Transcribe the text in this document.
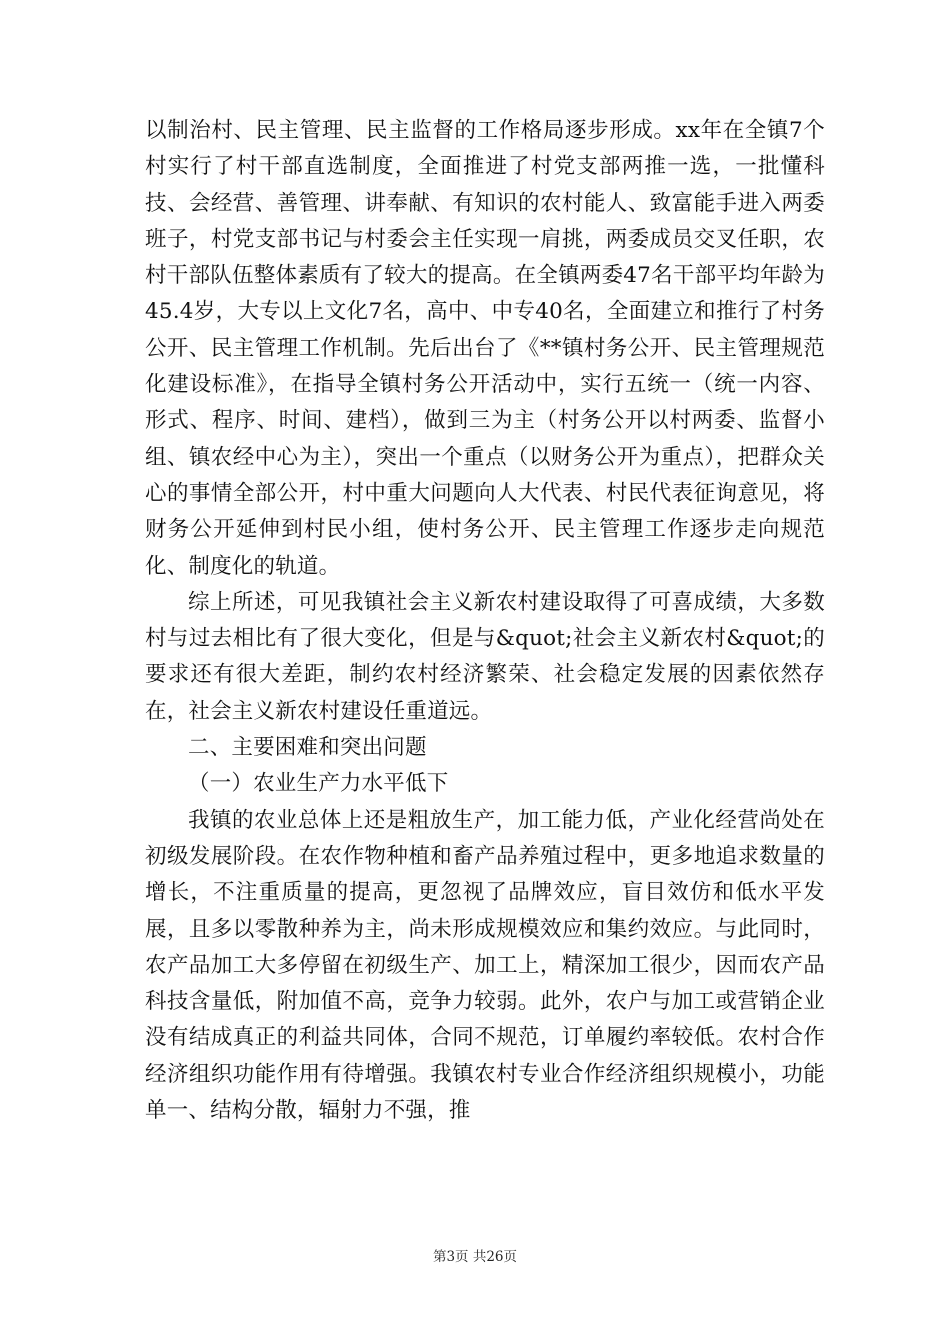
以制治村、民主管理、民主监督的工作格局逐步形成。xx年在全镇7个村实行了村干部直选制度，全面推进了村党支部两推一选，一批懂科技、会经营、善管理、讲奉献、有知识的农村能人、致富能手进入两委班子，村党支部书记与村委会主任实现一肩挑，两委成员交叉任职，农村干部队伍整体素质有了较大的提高。在全镇两委47名干部平均年龄为45.4岁，大专以上文化7名，高中、中专40名，全面建立和推行了村务公开、民主管理工作机制。先后出台了《**镇村务公开、民主管理规范化建设标准》，在指导全镇村务公开活动中，实行五统一（统一内容、形式、程序、时间、建档），做到三为主（村务公开以村两委、监督小组、镇农经中心为主），突出一个重点（以财务公开为重点），把群众关心的事情全部公开，村中重大问题向人大代表、村民代表征询意见，将财务公开延伸到村民小组，使村务公开、民主管理工作逐步走向规范化、制度化的轨道。

综上所述，可见我镇社会主义新农村建设取得了可喜成绩，大多数村与过去相比有了很大变化，但是与&quot;社会主义新农村&quot;的要求还有很大差距，制约农村经济繁荣、社会稳定发展的因素依然存在，社会主义新农村建设任重道远。

二、主要困难和突出问题

（一）农业生产力水平低下

我镇的农业总体上还是粗放生产，加工能力低，产业化经营尚处在初级发展阶段。在农作物种植和畜产品养殖过程中，更多地追求数量的增长，不注重质量的提高，更忽视了品牌效应，盲目效仿和低水平发展，且多以零散种养为主，尚未形成规模效应和集约效应。与此同时，农产品加工大多停留在初级生产、加工上，精深加工很少，因而农产品科技含量低，附加值不高，竞争力较弱。此外，农户与加工或营销企业没有结成真正的利益共同体，合同不规范，订单履约率较低。农村合作经济组织功能作用有待增强。我镇农村专业合作经济组织规模小，功能单一、结构分散，辐射力不强，推

第3页 共26页
